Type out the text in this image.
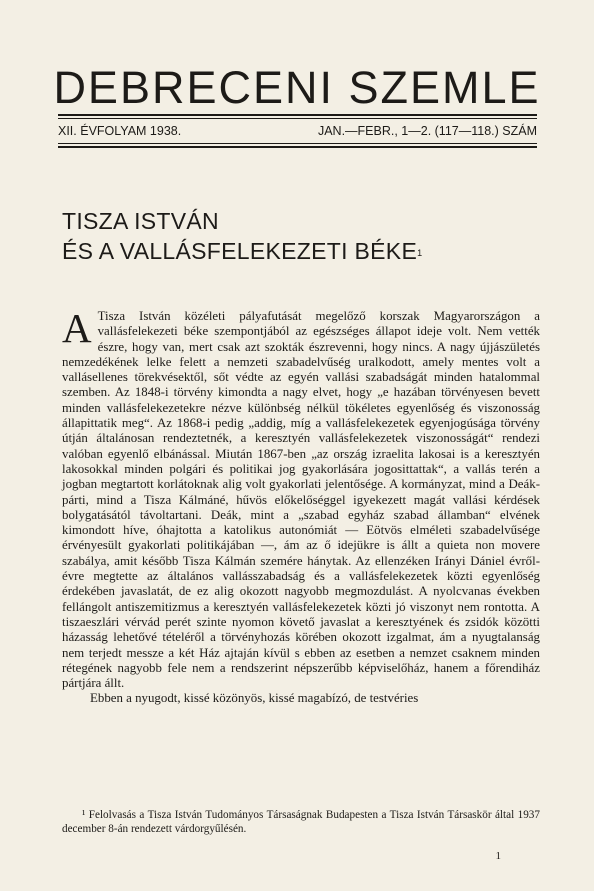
DEBRECENI SZEMLE
XII. ÉVFOLYAM 1938.	JAN.—FEBR., 1—2. (117—118.) SZÁM
TISZA ISTVÁN
ÉS A VALLÁSFELEKEZETI BÉKE$^1$

A Tisza István közéleti pályafutását megelőző korszak Magyarországon a vallásfelekezeti béke szempontjából az egészséges állapot ideje volt. Nem vették észre, hogy van, mert csak azt szokták észrevenni, hogy nincs. A nagy újjászületés nemzedékének lelke felett a nemzeti szabadelvűség uralkodott, amely mentes volt a vallásellenes törekvésektől, sőt védte az egyén vallási szabadságát minden hatalommal szemben. Az 1848-i törvény kimondta a nagy elvet, hogy „e hazában törvényesen bevett minden vallásfelekezetekre nézve különbség nélkül tökéletes egyenlőség és viszonosság állapittatik meg“. Az 1868-i pedig „addig, míg a vallásfelekezetek egyenjogúsága törvény útján általánosan rendeztetnék, a keresztyén vallásfelekezetek viszonosságát“ rendezi valóban egyenlő elbánással. Miután 1867-ben „az ország izraelita lakosai is a keresztyén lakosokkal minden polgári és politikai jog gyakorlására jogosittattak“, a vallás terén a jogban megtartott korlátoknak alig volt gyakorlati jelentősége. A kormányzat, mind a Deák-párti, mind a Tisza Kálmáné, hűvös előkelőséggel igyekezett magát vallási kérdések bolygatásától távoltartani. Deák, mint a „szabad egyház szabad államban“ elvének kimondott híve, óhajtotta a katolikus autonómiát — Eötvös elméleti szabadelvűsége érvényesült gyakorlati politikájában —, ám az ő idejükre is állt a quieta non movere szabálya, amit később Tisza Kálmán szemére hánytak. Az ellenzéken Irányi Dániel évről-évre megtette az általános vallásszabadság és a vallásfelekezetek közti egyenlőség érdekében javaslatát, de ez alig okozott nagyobb megmozdulást. A nyolcvanas években fellángolt antiszemitizmus a keresztyén vallásfelekezetek közti jó viszonyt nem rontotta. A tiszaeszlári vérvád perét szinte nyomon követő javaslat a keresztyének és zsidók közötti házasság lehetővé tételéről a törvényhozás körében okozott izgalmat, ám a nyugtalanság nem terjedt messze a két Ház ajtaján kívül s ebben az esetben a nemzet csaknem minden rétegének nagyobb fele nem a rendszerint népszerűbb képviselőház, hanem a főrendiház pártjára állt.

Ebben a nyugodt, kissé közönyös, kissé magabízó, de testvéries

¹ Felolvasás a Tisza István Tudományos Társaságnak Budapesten a Tisza István Társaskör által 1937 december 8-án rendezett várdorgyűlésén.
1
